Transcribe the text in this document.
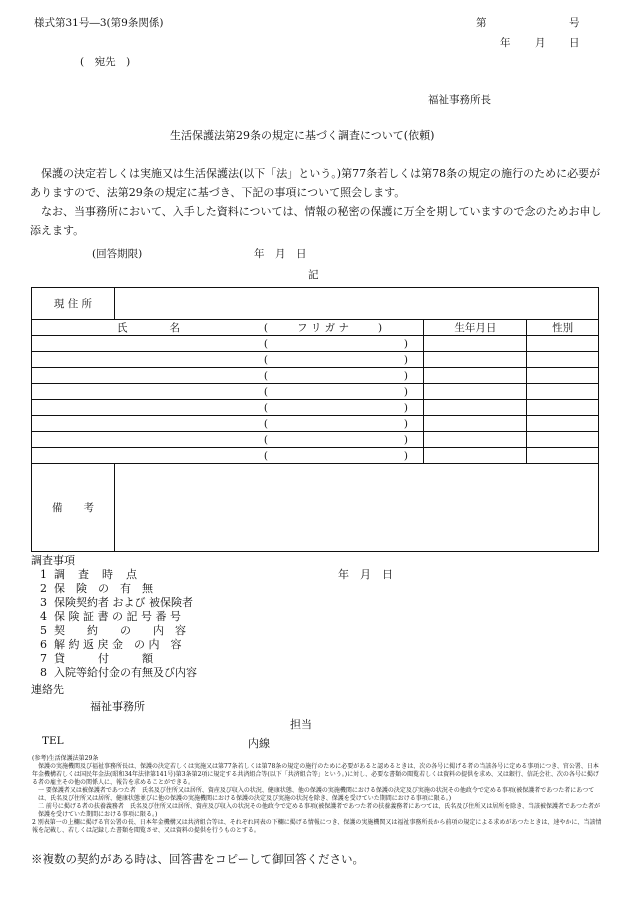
様式第31号―3(第9条関係)	第	号
年 月 日
(　宛先　)
福祉事務所長
生活保護法第29条の規定に基づく調査について(依頼)
保護の決定若しくは実施又は生活保護法(以下「法」という。)第77条若しくは第78条の規定の施行のために必要がありますので、法第29条の規定に基づき、下記の事項について照会します。
なお、当事務所において、入手した資料については、情報の秘密の保護に万全を期していますので念のためお申し添えます。
(回答期限)	年　月　日
記
現 住 所			
氏　　　　名 ( フ リ ガ ナ )		生年月日	性別
( )			
( )			
( )			
( )			
( )			
( )			
( )			
( )			
備　　考			
調査事項
1 調　査　時　点	年　月　日
2 保　険　の　有　無
3 保険契約者 および 被保険者
4 保 険 証 書 の 記 号 番 号
5 契　　約　　の　　内　容
6 解 約 返 戻 金　の 内　容
7 貸　　　付　　　額
8 入院等給付金の有無及び内容
連絡先
福祉事務所
担当
TEL	内線
(参考)生活保護法第29条
保護の実施機関及び福祉事務所長は、保護の決定若しくは実施又は第77条若しくは第78条の規定の施行のために必要があると認めるときは、次の各号に掲げる者の当該各号に定める事項につき、官公署、日本年金機構若しくは国民年金法(昭和34年法律第141号)第3条第2項に規定する共済組合等(以下「共済組合等」という。)に対し、必要な書類の閲覧若しくは資料の提供を求め、又は銀行、信託会社、次の各号に掲げる者の雇主その他の関係人に、報告を求めることができる。
一 要保護者又は被保護者であつた者　氏名及び住所又は居所、資産及び収入の状況、健康状態、他の保護の実施機関における保護の決定及び実施の状況その他政令で定める事項(被保護者であつた者にあつては、氏名及び住所又は居所、健康状態並びに他の保護の実施機関における保護の決定及び実施の状況を除き、保護を受けていた期間における事項に限る。)
二 前号に掲げる者の扶養義務者　氏名及び住所又は居所、資産及び収入の状況その他政令で定める事項(被保護者であつた者の扶養義務者にあつては、氏名及び住所又は居所を除き、当該被保護者であつた者が保護を受けていた期間における事項に限る。)
2 別表第一の上欄に掲げる官公署の長、日本年金機構又は共済組合等は、それぞれ同表の下欄に掲げる情報につき、保護の実施機関又は福祉事務所長から前項の規定による求めがあつたときは、速やかに、当該情報を記載し、若しくは記録した書類を閲覧させ、又は資料の提供を行うものとする。
※複数の契約がある時は、回答書をコピーして御回答ください。
